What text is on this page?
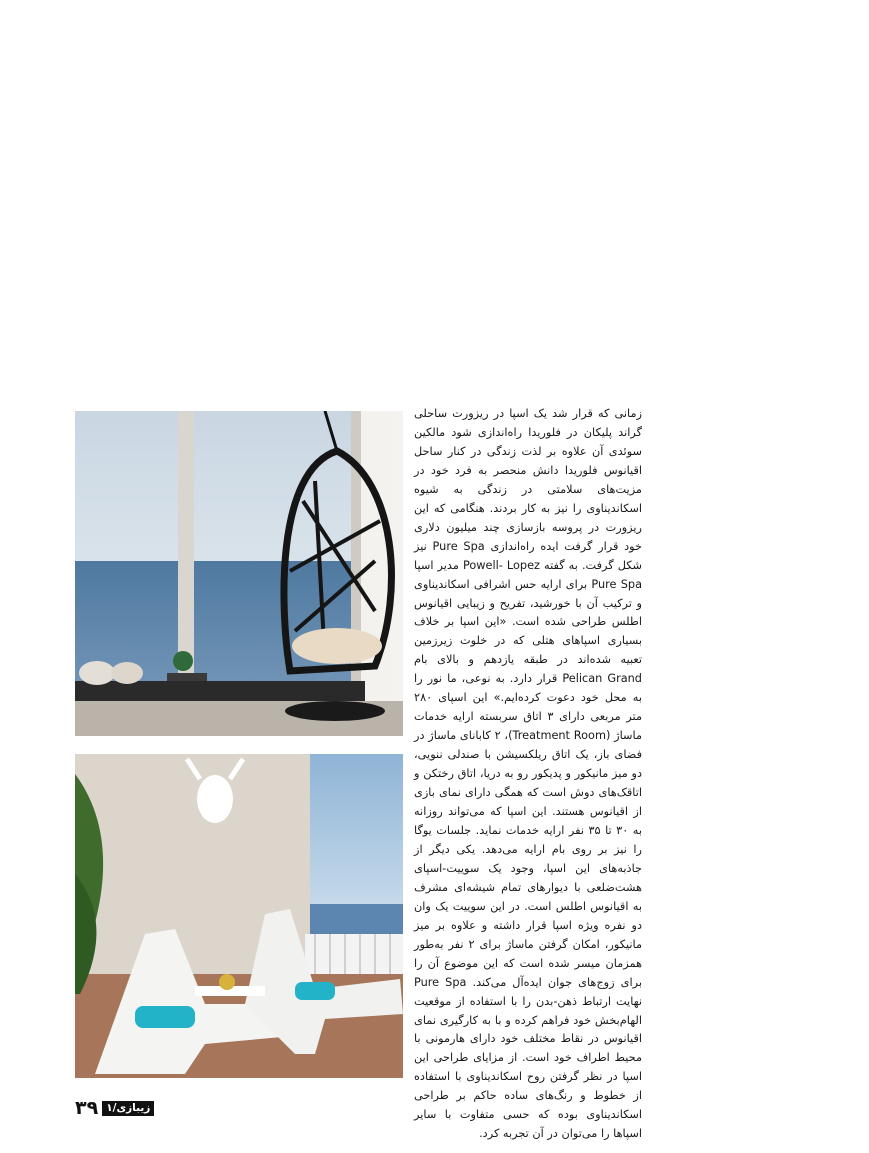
زمانی که قرار شد یک اسپا در ریزورت ساحلی گراند پلیکان در فلوریدا راه‌اندازی شود مالکین سوئدی آن علاوه بر لذت زندگی در کنار ساحل اقیانوس فلوریدا دانش منحصر به فرد خود در مزیت‌های سلامتی در زندگی به شیوه اسکاندیناوی را نیز به کار بردند. هنگامی که این ریزورت در پروسه بازسازی چند میلیون دلاری خود قرار گرفت ایده راه‌اندازی Pure Spa نیز شکل گرفت. به گفته Powell- Lopez مدیر اسپا Pure Spa برای ارایه حس اشرافی اسکاندیناوی و ترکیب آن با خورشید، تفریح و زیبایی اقیانوس اطلس طراحی شده است. «این اسپا بر خلاف بسیاری اسپاهای هتلی که در خلوت زیرزمین تعبیه شده‌اند در طبقه یازدهم و بالای بام Pelican Grand قرار دارد. به نوعی، ما نور را به محل خود دعوت کرده‌ایم.» این اسپای ۲۸۰ متر مربعی دارای ۳ اتاق سربسته ارایه خدمات ماساژ (Treatment Room)، ۲ کابانای ماساژ در فضای باز، یک اتاق ریلکسیشن با صندلی ننویی، دو میز مانیکور و پدیکور رو به دریا، اتاق رختکن و اتاقک‌های دوش است که همگی دارای نمای بازی از اقیانوس هستند. این اسپا که می‌تواند روزانه به ۳۰ تا ۳۵ نفر ارایه خدمات نماید. جلسات یوگا را نیز بر روی بام ارایه می‌دهد. یکی دیگر از جاذبه‌های این اسپا، وجود یک سوییت-اسپای هشت‌ضلعی با دیوارهای تمام شیشه‌ای مشرف به اقیانوس اطلس است. در این سوییت یک وان دو نفره ویژه اسپا قرار داشته و علاوه بر میز مانیکور، امکان گرفتن ماساژ برای ۲ نفر به‌طور همزمان میسر شده است که این موضوع آن را برای زوج‌های جوان ایده‌آل می‌کند. Pure Spa نهایت ارتباط ذهن-بدن را با استفاده از موقعیت الهام‌بخش خود فراهم کرده و با به کارگیری نمای اقیانوس در نقاط مختلف خود دارای هارمونی با محیط اطراف خود است. از مزایای طراحی این اسپا در نظر گرفتن روح اسکاندیناوی با استفاده از خطوط و رنگ‌های ساده حاکم بر طراحی اسکاندیناوی بوده که حسی متفاوت با سایر اسپاها را می‌توان در آن تجربه کرد.

۳۹ زیبازی/۱
